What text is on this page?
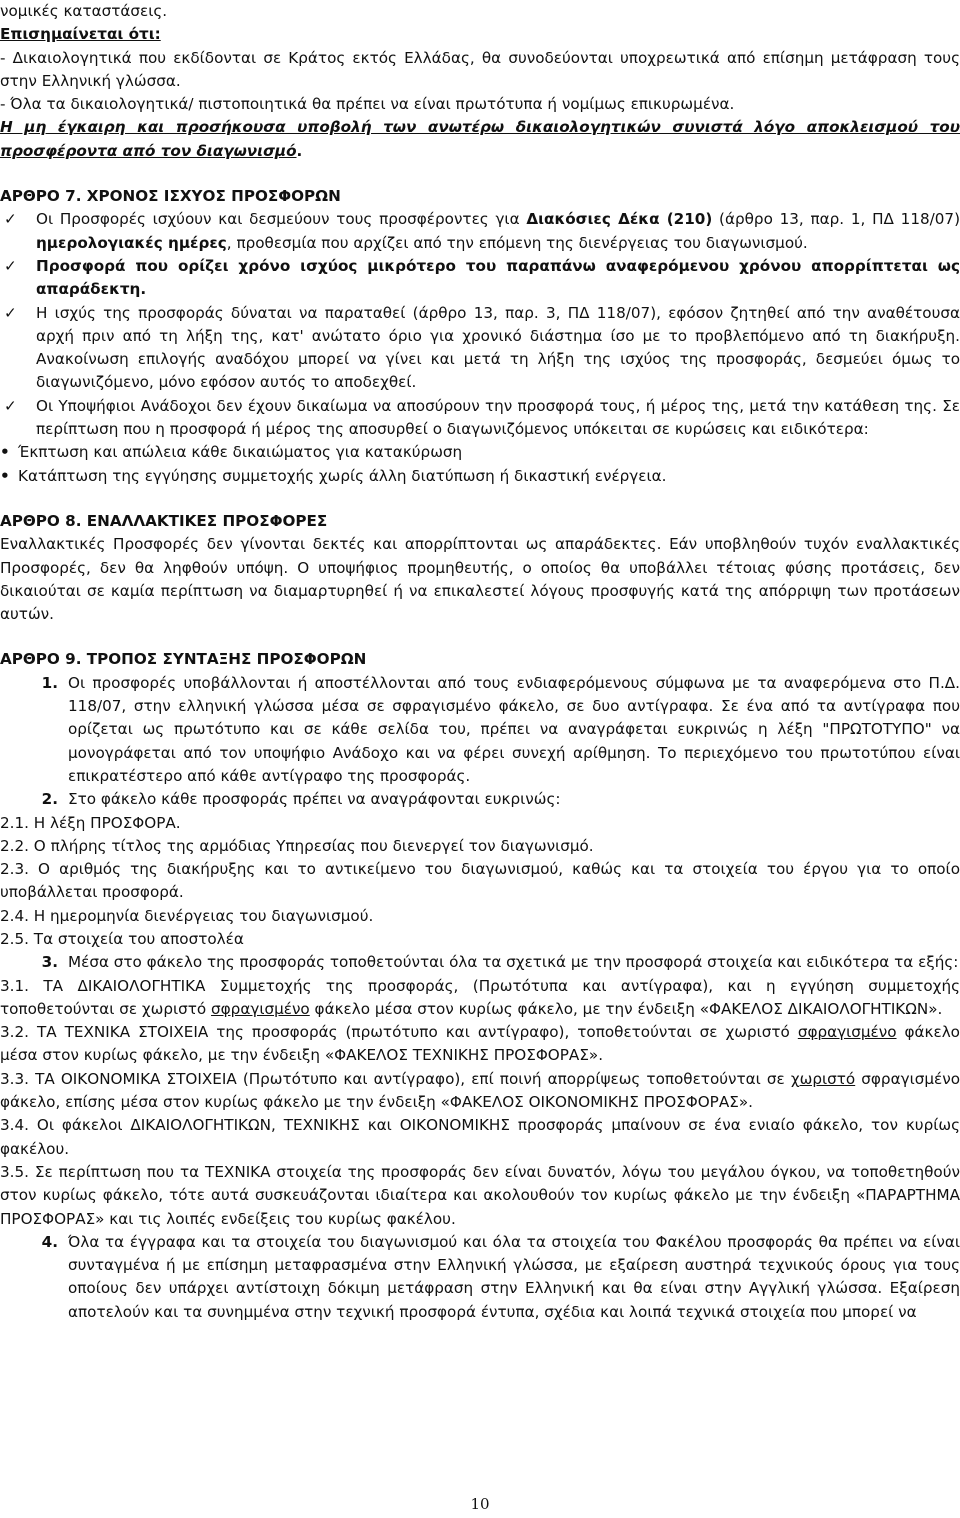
νομικές καταστάσεις.

Επισημαίνεται ότι:

- Δικαιολογητικά που εκδίδονται σε Κράτος εκτός Ελλάδας, θα συνοδεύονται υποχρεωτικά από επίσημη μετάφραση τους στην Ελληνική γλώσσα.

- Όλα τα δικαιολογητικά/ πιστοποιητικά θα πρέπει να είναι πρωτότυπα ή νομίμως επικυρωμένα.

Η μη έγκαιρη και προσήκουσα υποβολή των ανωτέρω δικαιολογητικών συνιστά λόγο αποκλεισμού του προσφέροντα από τον διαγωνισμό.

ΑΡΘΡΟ 7. ΧΡΟΝΟΣ ΙΣΧΥΟΣ ΠΡΟΣΦΟΡΩΝ

✓	Οι Προσφορές ισχύουν και δεσμεύουν τους προσφέροντες για Διακόσιες Δέκα (210) (άρθρο 13, παρ. 1, ΠΔ 118/07) ημερολογιακές ημέρες, προθεσμία που αρχίζει από την επόμενη της διενέργειας του διαγωνισμού.

✓	Προσφορά που ορίζει χρόνο ισχύος μικρότερο του παραπάνω αναφερόμενου χρόνου απορρίπτεται ως απαράδεκτη.

✓	Η ισχύς της προσφοράς δύναται να παραταθεί (άρθρο 13, παρ. 3, ΠΔ 118/07), εφόσον ζητηθεί από την αναθέτουσα αρχή πριν από τη λήξη της, κατ' ανώτατο όριο για χρονικό διάστημα ίσο με το προβλεπόμενο από τη διακήρυξη. Ανακοίνωση επιλογής αναδόχου μπορεί να γίνει και μετά τη λήξη της ισχύος της προσφοράς, δεσμεύει όμως το διαγωνιζόμενο, μόνο εφόσον αυτός το αποδεχθεί.

✓	Οι Υποψήφιοι Ανάδοχοι δεν έχουν δικαίωμα να αποσύρουν την προσφορά τους, ή μέρος της, μετά την κατάθεση της. Σε περίπτωση που η προσφορά ή μέρος της αποσυρθεί ο διαγωνιζόμενος υπόκειται σε κυρώσεις και ειδικότερα:

• Έκπτωση και απώλεια κάθε δικαιώματος για κατακύρωση

• Κατάπτωση της εγγύησης συμμετοχής χωρίς άλλη διατύπωση ή δικαστική ενέργεια.

ΑΡΘΡΟ 8. ΕΝΑΛΛΑΚΤΙΚΕΣ ΠΡΟΣΦΟΡΕΣ

Εναλλακτικές Προσφορές δεν γίνονται δεκτές και απορρίπτονται ως απαράδεκτες. Εάν υποβληθούν τυχόν εναλλακτικές Προσφορές, δεν θα ληφθούν υπόψη. Ο υποψήφιος προμηθευτής, ο οποίος θα υποβάλλει τέτοιας φύσης προτάσεις, δεν δικαιούται σε καμία περίπτωση να διαμαρτυρηθεί ή να επικαλεστεί λόγους προσφυγής κατά της απόρριψη των προτάσεων αυτών.

ΑΡΘΡΟ 9. ΤΡΟΠΟΣ ΣΥΝΤΑΞΗΣ ΠΡΟΣΦΟΡΩΝ

1. Οι προσφορές υποβάλλονται ή αποστέλλονται από τους ενδιαφερόμενους σύμφωνα με τα αναφερόμενα στο Π.Δ. 118/07, στην ελληνική γλώσσα μέσα σε σφραγισμένο φάκελο, σε δυο αντίγραφα. Σε ένα από τα αντίγραφα που ορίζεται ως πρωτότυπο και σε κάθε σελίδα του, πρέπει να αναγράφεται ευκρινώς η λέξη "ΠΡΩΤΟΤΥΠΟ" να μονογράφεται από τον υποψήφιο Ανάδοχο και να φέρει συνεχή αρίθμηση. Το περιεχόμενο του πρωτοτύπου είναι επικρατέστερο από κάθε αντίγραφο της προσφοράς.

2. Στο φάκελο κάθε προσφοράς πρέπει να αναγράφονται ευκρινώς:

2.1. Η λέξη ΠΡΟΣΦΟΡΑ.

2.2. Ο πλήρης τίτλος της αρμόδιας Υπηρεσίας που διενεργεί τον διαγωνισμό.

2.3. Ο αριθμός της διακήρυξης και το αντικείμενο του διαγωνισμού, καθώς και τα στοιχεία του έργου για το οποίο υποβάλλεται προσφορά.

2.4. Η ημερομηνία διενέργειας του διαγωνισμού.

2.5. Τα στοιχεία του αποστολέα

3. Μέσα στο φάκελο της προσφοράς τοποθετούνται όλα τα σχετικά με την προσφορά στοιχεία και ειδικότερα τα εξής:

3.1. ΤΑ ΔΙΚΑΙΟΛΟΓΗΤΙΚΑ Συμμετοχής της προσφοράς, (Πρωτότυπα και αντίγραφα), και η εγγύηση συμμετοχής τοποθετούνται σε χωριστό σφραγισμένο φάκελο μέσα στον κυρίως φάκελο, με την ένδειξη «ΦΑΚΕΛΟΣ ΔΙΚΑΙΟΛΟΓΗΤΙΚΩΝ».

3.2. ΤΑ ΤΕΧΝΙΚΑ ΣΤΟΙΧΕΙΑ της προσφοράς (πρωτότυπο και αντίγραφο), τοποθετούνται σε χωριστό σφραγισμένο φάκελο μέσα στον κυρίως φάκελο, με την ένδειξη «ΦΑΚΕΛΟΣ ΤΕΧΝΙΚΗΣ ΠΡΟΣΦΟΡΑΣ».

3.3. ΤΑ ΟΙΚΟΝΟΜΙΚΑ ΣΤΟΙΧΕΙΑ (Πρωτότυπο και αντίγραφο), επί ποινή απορρίψεως τοποθετούνται σε χωριστό σφραγισμένο φάκελο, επίσης μέσα στον κυρίως φάκελο με την ένδειξη «ΦΑΚΕΛΟΣ ΟΙΚΟΝΟΜΙΚΗΣ ΠΡΟΣΦΟΡΑΣ».

3.4. Οι φάκελοι ΔΙΚΑΙΟΛΟΓΗΤΙΚΩΝ, ΤΕΧΝΙΚΗΣ και ΟΙΚΟΝΟΜΙΚΗΣ προσφοράς μπαίνουν σε ένα ενιαίο φάκελο, τον κυρίως φακέλου.

3.5. Σε περίπτωση που τα ΤΕΧΝΙΚΑ στοιχεία της προσφοράς δεν είναι δυνατόν, λόγω του μεγάλου όγκου, να τοποθετηθούν στον κυρίως φάκελο, τότε αυτά συσκευάζονται ιδιαίτερα και ακολουθούν τον κυρίως φάκελο με την ένδειξη «ΠΑΡΑΡΤΗΜΑ ΠΡΟΣΦΟΡΑΣ» και τις λοιπές ενδείξεις του κυρίως φακέλου.

4. Όλα τα έγγραφα και τα στοιχεία του διαγωνισμού και όλα τα στοιχεία του Φακέλου προσφοράς θα πρέπει να είναι συνταγμένα ή με επίσημη μεταφρασμένα στην Ελληνική γλώσσα, με εξαίρεση αυστηρά τεχνικούς όρους για τους οποίους δεν υπάρχει αντίστοιχη δόκιμη μετάφραση στην Ελληνική και θα είναι στην Αγγλική γλώσσα. Εξαίρεση αποτελούν και τα συνημμένα στην τεχνική προσφορά έντυπα, σχέδια και λοιπά τεχνικά στοιχεία που μπορεί να

10
